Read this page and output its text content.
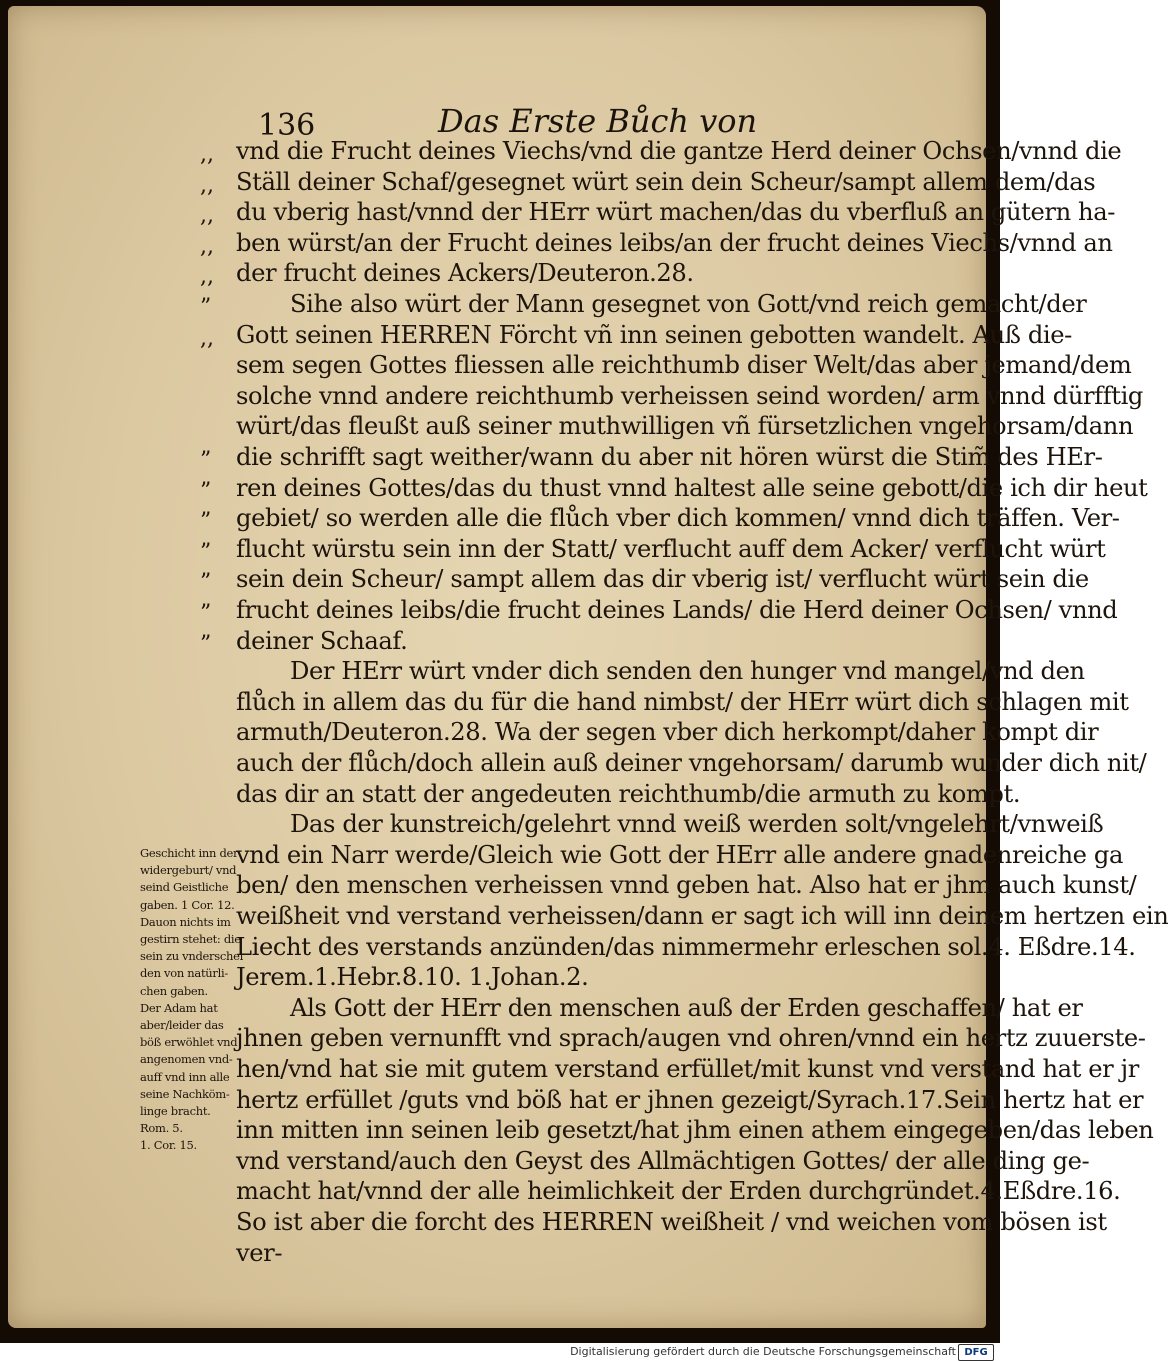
136	Das Erste Bůch von
vnd die Frucht deines Viechs/vnd die gantze Herd deiner Ochsen/vnnd die
Ställ deiner Schaf/gesegnet würt sein dein Scheur/sampt allem dem/das
du vberig hast/vnnd der HErr würt machen/das du vberfluß an gütern ha-
ben würst/an der Frucht deines leibs/an der frucht deines Viechs/vnnd an
der frucht deines Ackers/Deuteron.28.
Sihe also würt der Mann gesegnet von Gott/vnd reich gemacht/der
Gott seinen HERREN Förcht vñ inn seinen gebotten wandelt. Auß die-
sem segen Gottes fliessen alle reichthumb diser Welt/das aber jemand/dem
solche vnnd andere reichthumb verheissen seind worden/ arm vnnd dürfftig
würt/das fleußt auß seiner muthwilligen vñ fürsetzlichen vngehorsam/dann
die schrifft sagt weither/wann du aber nit hören würst die Stim̃ des HEr-
ren deines Gottes/das du thust vnnd haltest alle seine gebott/die ich dir heut
gebiet/ so werden alle die flůch vber dich kommen/ vnnd dich träffen. Ver-
flucht würstu sein inn der Statt/ verflucht auff dem Acker/ verflucht würt
sein dein Scheur/ sampt allem das dir vberig ist/ verflucht würt sein die
frucht deines leibs/die frucht deines Lands/ die Herd deiner Ochsen/ vnnd
deiner Schaaf.
Der HErr würt vnder dich senden den hunger vnd mangel/vnd den
flůch in allem das du für die hand nimbst/ der HErr würt dich schlagen mit
armuth/Deuteron.28. Wa der segen vber dich herkompt/daher kompt dir
auch der flůch/doch allein auß deiner vngehorsam/ darumb wunder dich nit/
das dir an statt der angedeuten reichthumb/die armuth zu kompt.
Das der kunstreich/gelehrt vnnd weiß werden solt/vngelehrt/vnweiß
vnd ein Narr werde/Gleich wie Gott der HErr alle andere gnadenreiche ga
ben/ den menschen verheissen vnnd geben hat. Also hat er jhm auch kunst/
weißheit vnd verstand verheissen/dann er sagt ich will inn deinem hertzen ein
Liecht des verstands anzünden/das nimmermehr erleschen sol.4. Eßdre.14.
Jerem.1.Hebr.8.10. 1.Johan.2.
Als Gott der HErr den menschen auß der Erden geschaffen/ hat er
jhnen geben vernunfft vnd sprach/augen vnd ohren/vnnd ein hertz zuuerste-
hen/vnd hat sie mit gutem verstand erfüllet/mit kunst vnd verstand hat er jr
hertz erfüllet /guts vnd böß hat er jhnen gezeigt/Syrach.17.Sein hertz hat er
inn mitten inn seinen leib gesetzt/hat jhm einen athem eingegeben/das leben
vnd verstand/auch den Geyst des Allmächtigen Gottes/ der alle ding ge-
macht hat/vnnd der alle heimlichkeit der Erden durchgründet.4.Eßdre.16.
So ist aber die forcht des HERREN weißheit / vnd weichen vom bösen ist
ver-
,,
,,
,,
,,
,,
”
,,
”
”
”
”
”
”
”
Geschicht inn der
widergeburt/ vnd
seind Geistliche
gaben. 1 Cor. 12.
Dauon nichts im
gestirn stehet: die
sein zu vnderschei
den von natürli-
chen gaben.
Der Adam hat
aber/leider das
böß erwöhlet vnd
angenomen vnd-
auff vnd inn alle
seine Nachköm-
linge bracht.
Rom. 5.
1. Cor. 15.
Digitalisierung gefördert durch die Deutsche Forschungsgemeinschaft DFG
